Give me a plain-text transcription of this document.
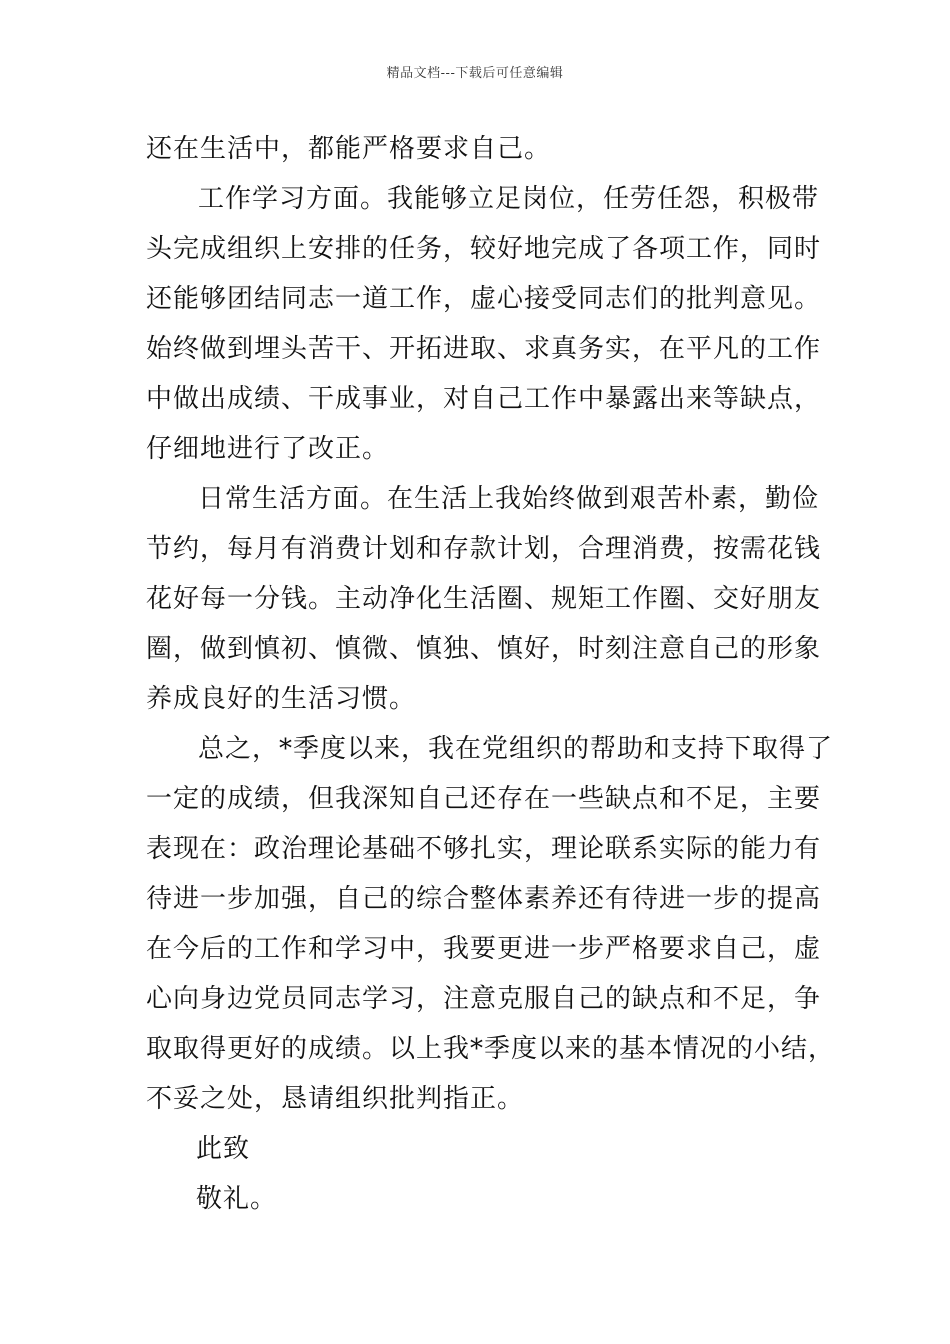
精品文档---下载后可任意编辑
还在生活中，都能严格要求自己。
工作学习方面。我能够立足岗位，任劳任怨，积极带
头完成组织上安排的任务，较好地完成了各项工作，同时
还能够团结同志一道工作，虚心接受同志们的批判意见。
始终做到埋头苦干、开拓进取、求真务实，在平凡的工作
中做出成绩、干成事业，对自己工作中暴露出来等缺点，
仔细地进行了改正。
日常生活方面。在生活上我始终做到艰苦朴素，勤俭
节约，每月有消费计划和存款计划，合理消费，按需花钱
花好每一分钱。主动净化生活圈、规矩工作圈、交好朋友
圈，做到慎初、慎微、慎独、慎好，时刻注意自己的形象
养成良好的生活习惯。
总之，*季度以来，我在党组织的帮助和支持下取得了
一定的成绩，但我深知自己还存在一些缺点和不足，主要
表现在：政治理论基础不够扎实，理论联系实际的能力有
待进一步加强，自己的综合整体素养还有待进一步的提高
在今后的工作和学习中，我要更进一步严格要求自己，虚
心向身边党员同志学习，注意克服自己的缺点和不足，争
取取得更好的成绩。以上我*季度以来的基本情况的小结，
不妥之处，恳请组织批判指正。
此致
敬礼。
